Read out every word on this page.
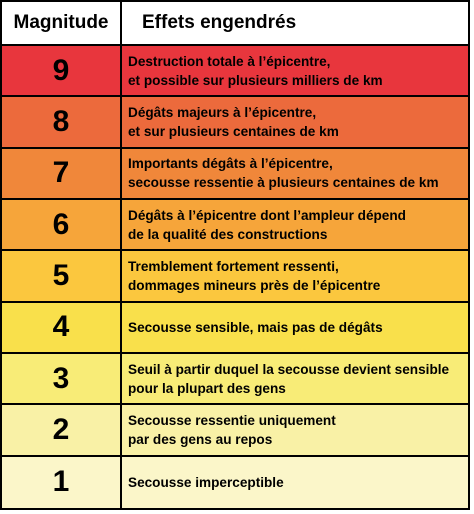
Magnitude	Effets engendrés
9	Destruction totale à l’épicentre,
et possible sur plusieurs milliers de km
8	Dégâts majeurs à l’épicentre,
et sur plusieurs centaines de km
7	Importants dégâts à l’épicentre,
secousse ressentie à plusieurs centaines de km
6	Dégâts à l’épicentre dont l’ampleur dépend
de la qualité des constructions
5	Tremblement fortement ressenti,
dommages mineurs près de l’épicentre
4	Secousse sensible, mais pas de dégâts
3	Seuil à partir duquel la secousse devient sensible
pour la plupart des gens
2	Secousse ressentie uniquement
par des gens au repos
1	Secousse imperceptible
